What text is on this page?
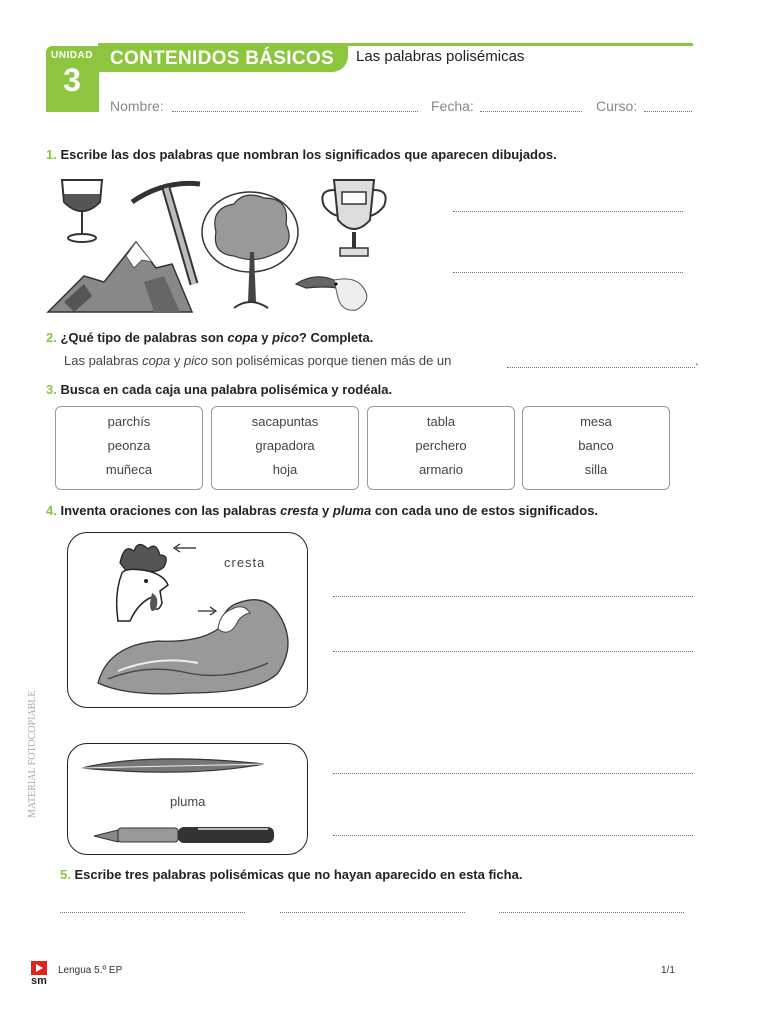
UNIDAD
3
CONTENIDOS BÁSICOS Las palabras polisémicas
Nombre:	Fecha:	Curso:
1. Escribe las dos palabras que nombran los significados que aparecen dibujados.
2. ¿Qué tipo de palabras son copa y pico? Completa.
Las palabras copa y pico son polisémicas porque tienen más de un	.
3. Busca en cada caja una palabra polisémica y rodéala.
parchís
peonza
muñeca
sacapuntas
grapadora
hoja
tabla
perchero
armario
mesa
banco
silla
4. Inventa oraciones con las palabras cresta y pluma con cada uno de estos significados.
cresta
pluma
5. Escribe tres palabras polisémicas que no hayan aparecido en esta ficha.
MATERIAL FOTOCOPIABLE
sm
Lengua 5.º EP	1/1
